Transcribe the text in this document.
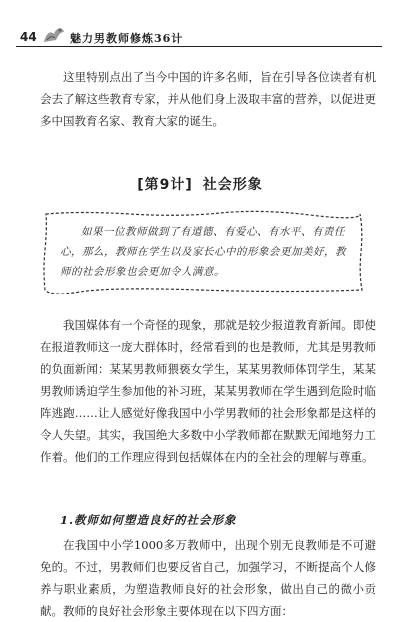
44	魅力男教师修炼36计

这里特别点出了当今中国的许多名师，旨在引导各位读者有机会去了解这些教育专家，并从他们身上汲取丰富的营养，以促进更多中国教育名家、教育大家的诞生。

[第9计] 社会形象

如果一位教师做到了有道德、有爱心、有水平、有责任心，那么，教师在学生以及家长心中的形象会更加美好，教师的社会形象也会更加令人满意。

我国媒体有一个奇怪的现象，那就是较少报道教育新闻。即使在报道教师这一庞大群体时，经常看到的也是教师，尤其是男教师的负面新闻：某某男教师猥亵女学生，某某男教师体罚学生，某某男教师诱迫学生参加他的补习班，某某男教师在学生遇到危险时临阵逃跑……让人感觉好像我国中小学男教师的社会形象都是这样的令人失望。其实，我国绝大多数中小学教师都在默默无闻地努力工作着。他们的工作理应得到包括媒体在内的全社会的理解与尊重。

1.教师如何塑造良好的社会形象

在我国中小学1000多万教师中，出现个别无良教师是不可避免的。不过，男教师们也要反省自己，加强学习，不断提高个人修养与职业素质，为塑造教师良好的社会形象，做出自己的微小贡献。教师的良好社会形象主要体现在以下四方面：
